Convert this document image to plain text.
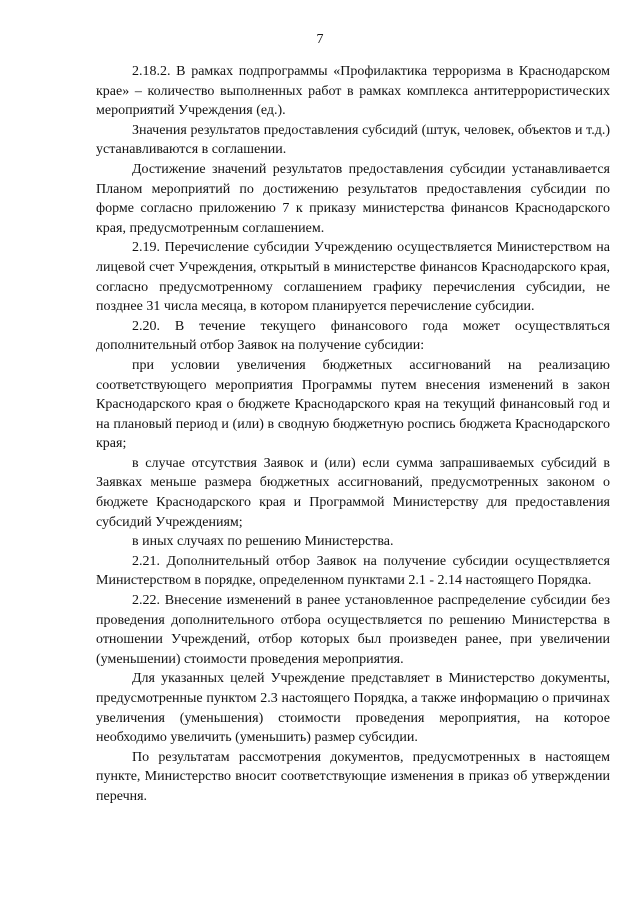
7

2.18.2. В рамках подпрограммы «Профилактика терроризма в Краснодарском крае» – количество выполненных работ в рамках комплекса антитеррористических мероприятий Учреждения (ед.).

Значения результатов предоставления субсидий (штук, человек, объектов и т.д.) устанавливаются в соглашении.

Достижение значений результатов предоставления субсидии устанавливается Планом мероприятий по достижению результатов предоставления субсидии по форме согласно приложению 7 к приказу министерства финансов Краснодарского края, предусмотренным соглашением.

2.19. Перечисление субсидии Учреждению осуществляется Министерством на лицевой счет Учреждения, открытый в министерстве финансов Краснодарского края, согласно предусмотренному соглашением графику перечисления субсидии, не позднее 31 числа месяца, в котором планируется перечисление субсидии.

2.20. В течение текущего финансового года может осуществляться дополнительный отбор Заявок на получение субсидии:

при условии увеличения бюджетных ассигнований на реализацию соответствующего мероприятия Программы путем внесения изменений в закон Краснодарского края о бюджете Краснодарского края на текущий финансовый год и на плановый период и (или) в сводную бюджетную роспись бюджета Краснодарского края;

в случае отсутствия Заявок и (или) если сумма запрашиваемых субсидий в Заявках меньше размера бюджетных ассигнований, предусмотренных законом о бюджете Краснодарского края и Программой Министерству для предоставления субсидий Учреждениям;

в иных случаях по решению Министерства.

2.21. Дополнительный отбор Заявок на получение субсидии осуществляется Министерством в порядке, определенном пунктами 2.1 - 2.14 настоящего Порядка.

2.22. Внесение изменений в ранее установленное распределение субсидии без проведения дополнительного отбора осуществляется по решению Министерства в отношении Учреждений, отбор которых был произведен ранее, при увеличении (уменьшении) стоимости проведения мероприятия.

Для указанных целей Учреждение представляет в Министерство документы, предусмотренные пунктом 2.3 настоящего Порядка, а также информацию о причинах увеличения (уменьшения) стоимости проведения мероприятия, на которое необходимо увеличить (уменьшить) размер субсидии.

По результатам рассмотрения документов, предусмотренных в настоящем пункте, Министерство вносит соответствующие изменения в приказ об утверждении перечня.
